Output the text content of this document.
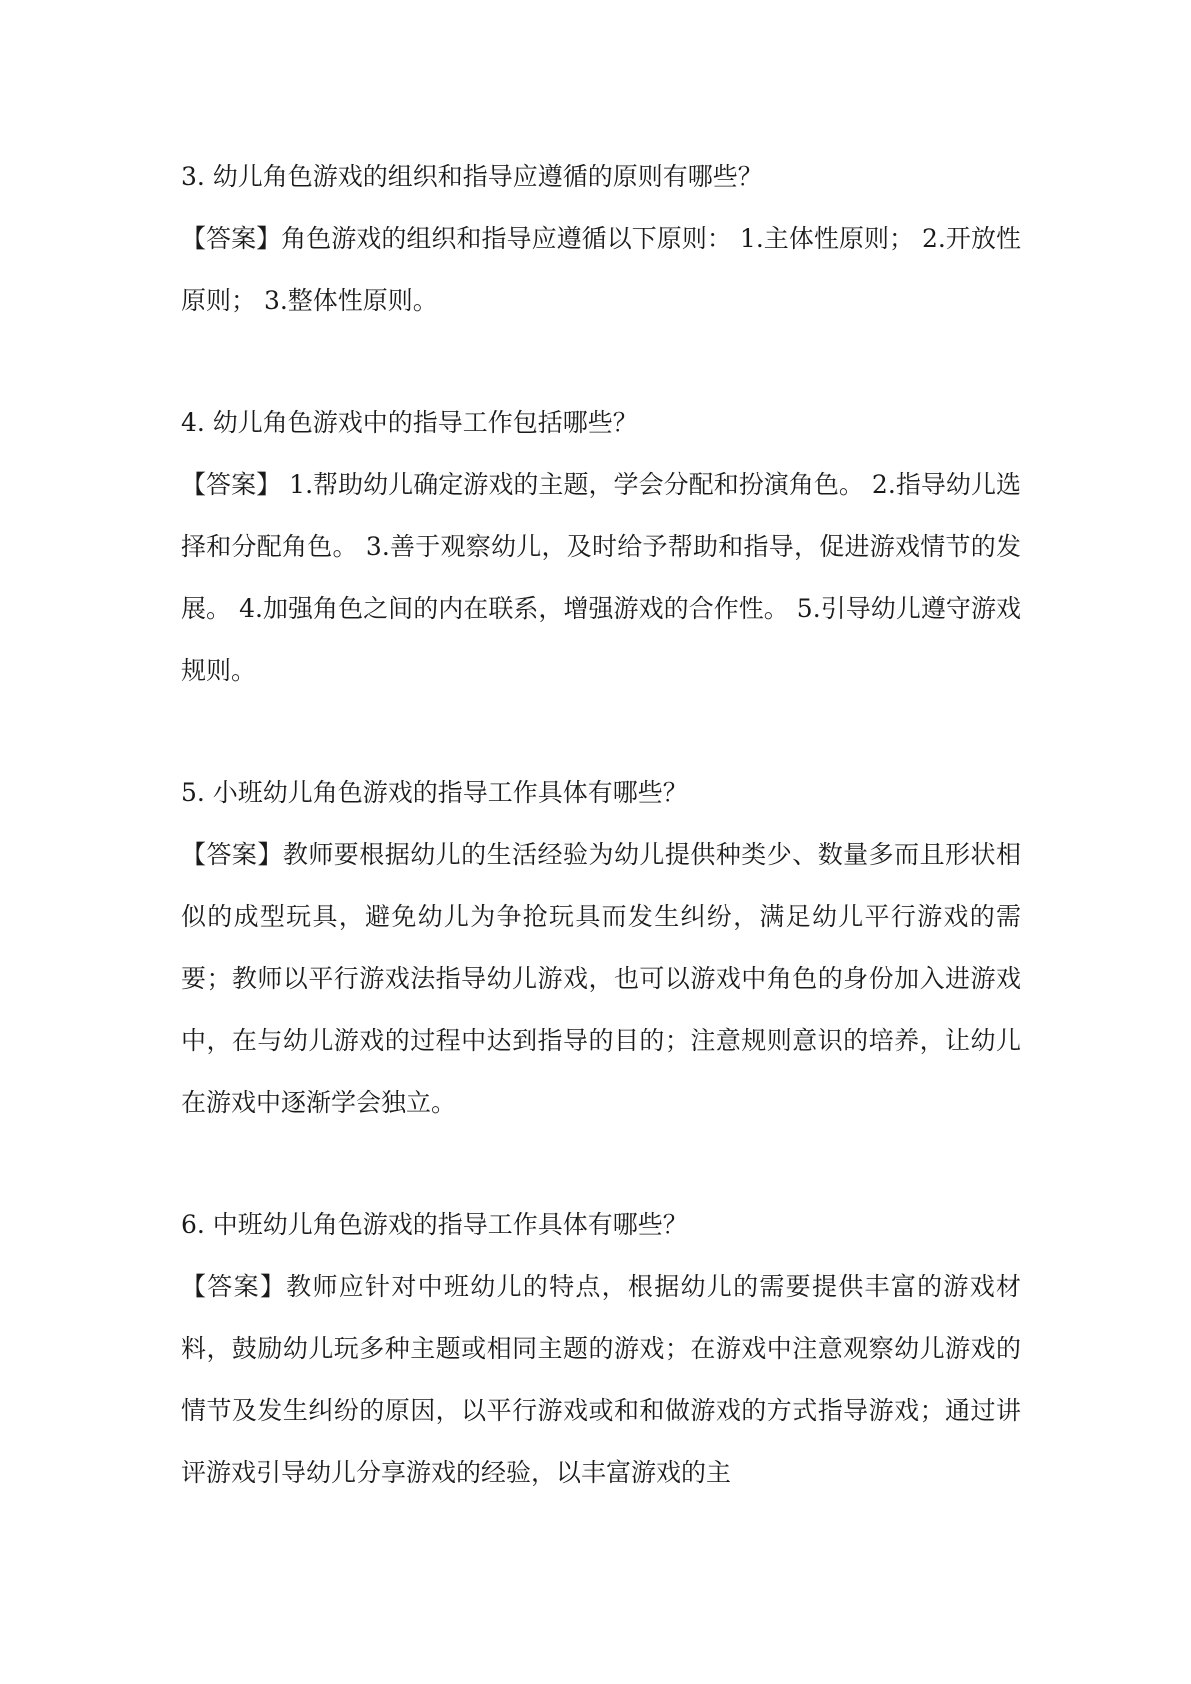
3. 幼儿角色游戏的组织和指导应遵循的原则有哪些？

【答案】角色游戏的组织和指导应遵循以下原则： 1.主体性原则； 2.开放性原则； 3.整体性原则。

4. 幼儿角色游戏中的指导工作包括哪些？

【答案】 1.帮助幼儿确定游戏的主题，学会分配和扮演角色。 2.指导幼儿选择和分配角色。 3.善于观察幼儿，及时给予帮助和指导，促进游戏情节的发展。 4.加强角色之间的内在联系，增强游戏的合作性。 5.引导幼儿遵守游戏规则。

5. 小班幼儿角色游戏的指导工作具体有哪些？

【答案】教师要根据幼儿的生活经验为幼儿提供种类少、数量多而且形状相似的成型玩具，避免幼儿为争抢玩具而发生纠纷，满足幼儿平行游戏的需要；教师以平行游戏法指导幼儿游戏，也可以游戏中角色的身份加入进游戏中，在与幼儿游戏的过程中达到指导的目的；注意规则意识的培养，让幼儿在游戏中逐渐学会独立。

6. 中班幼儿角色游戏的指导工作具体有哪些？

【答案】教师应针对中班幼儿的特点，根据幼儿的需要提供丰富的游戏材料，鼓励幼儿玩多种主题或相同主题的游戏；在游戏中注意观察幼儿游戏的情节及发生纠纷的原因，以平行游戏或和和做游戏的方式指导游戏；通过讲评游戏引导幼儿分享游戏的经验，以丰富游戏的主
